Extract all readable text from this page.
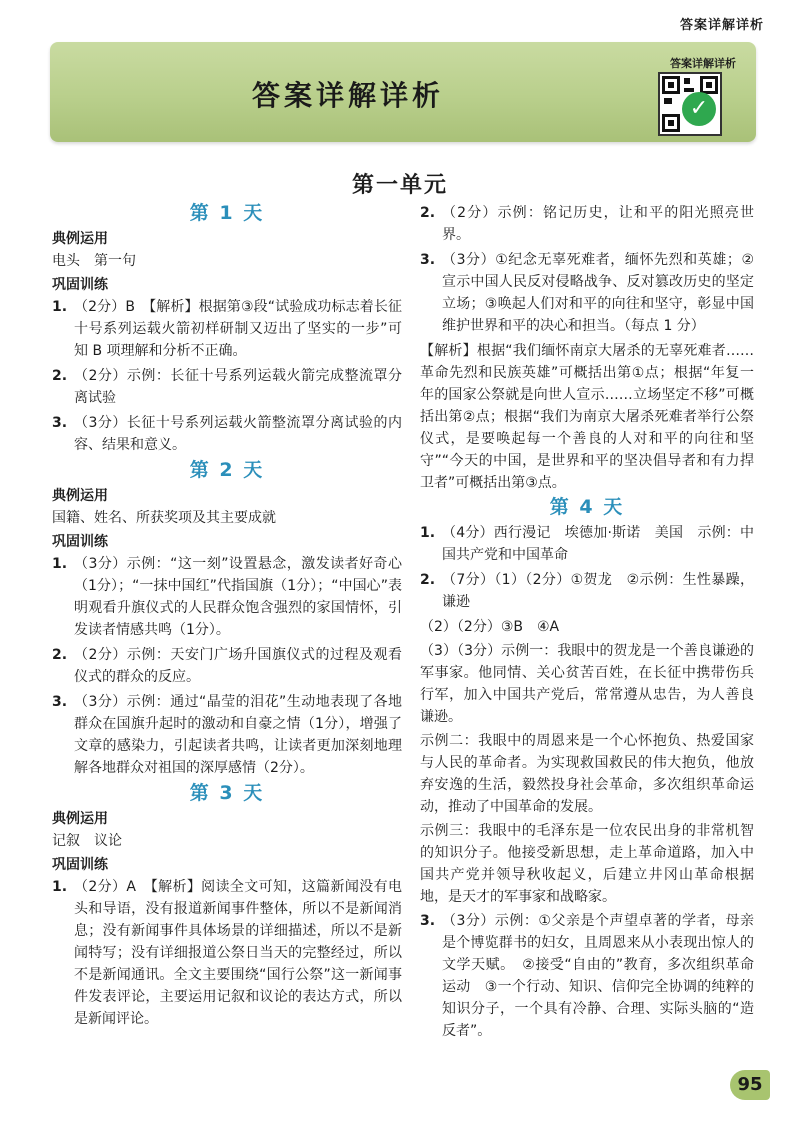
答案详解详析
答案详解详析
答案详解详析
✓
第一单元
第 1 天
典例运用
电头　第一句
巩固训练
1. （2分）B　【解析】根据第③段“试验成功标志着长征十号系列运载火箭初样研制又迈出了坚实的一步”可知 B 项理解和分析不正确。
2. （2分）示例：长征十号系列运载火箭完成整流罩分离试验
3. （3分）长征十号系列运载火箭整流罩分离试验的内容、结果和意义。
第 2 天
典例运用
国籍、姓名、所获奖项及其主要成就
巩固训练
1. （3分）示例：“这一刻”设置悬念，激发读者好奇心（1分）；“一抹中国红”代指国旗（1分）；“中国心”表明观看升旗仪式的人民群众饱含强烈的家国情怀，引发读者情感共鸣（1分）。
2. （2分）示例：天安门广场升国旗仪式的过程及观看仪式的群众的反应。
3. （3分）示例：通过“晶莹的泪花”生动地表现了各地群众在国旗升起时的激动和自豪之情（1分），增强了文章的感染力，引起读者共鸣，让读者更加深刻地理解各地群众对祖国的深厚感情（2分）。
第 3 天
典例运用
记叙　议论
巩固训练
1. （2分）A　【解析】阅读全文可知，这篇新闻没有电头和导语，没有报道新闻事件整体，所以不是新闻消息；没有新闻事件具体场景的详细描述，所以不是新闻特写；没有详细报道公祭日当天的完整经过，所以不是新闻通讯。全文主要围绕“国行公祭”这一新闻事件发表评论，主要运用记叙和议论的表达方式，所以是新闻评论。
2. （2分）示例：铭记历史，让和平的阳光照亮世界。
3. （3分）①纪念无辜死难者，缅怀先烈和英雄；②宣示中国人民反对侵略战争、反对篡改历史的坚定立场；③唤起人们对和平的向往和坚守，彰显中国维护世界和平的决心和担当。（每点 1 分）
【解析】根据“我们缅怀南京大屠杀的无辜死难者……革命先烈和民族英雄”可概括出第①点；根据“年复一年的国家公祭就是向世人宣示……立场坚定不移”可概括出第②点；根据“我们为南京大屠杀死难者举行公祭仪式，是要唤起每一个善良的人对和平的向往和坚守”“今天的中国，是世界和平的坚决倡导者和有力捍卫者”可概括出第③点。
第 4 天
1. （4分）西行漫记　埃德加·斯诺　美国　示例：中国共产党和中国革命
2. （7分）（1）（2分）①贺龙　②示例：生性暴躁，谦逊
（2）（2分）③B　④A
（3）（3分）示例一：我眼中的贺龙是一个善良谦逊的军事家。他同情、关心贫苦百姓，在长征中携带伤兵行军，加入中国共产党后，常常遵从忠告，为人善良谦逊。
示例二：我眼中的周恩来是一个心怀抱负、热爱国家与人民的革命者。为实现救国救民的伟大抱负，他放弃安逸的生活，毅然投身社会革命，多次组织革命运动，推动了中国革命的发展。
示例三：我眼中的毛泽东是一位农民出身的非常机智的知识分子。他接受新思想，走上革命道路，加入中国共产党并领导秋收起义，后建立井冈山革命根据地，是天才的军事家和战略家。
3. （3分）示例：①父亲是个声望卓著的学者，母亲是个博览群书的妇女，且周恩来从小表现出惊人的文学天赋。　②接受“自由的”教育，多次组织革命运动　③一个行动、知识、信仰完全协调的纯粹的知识分子，一个具有冷静、合理、实际头脑的“造反者”。
95
